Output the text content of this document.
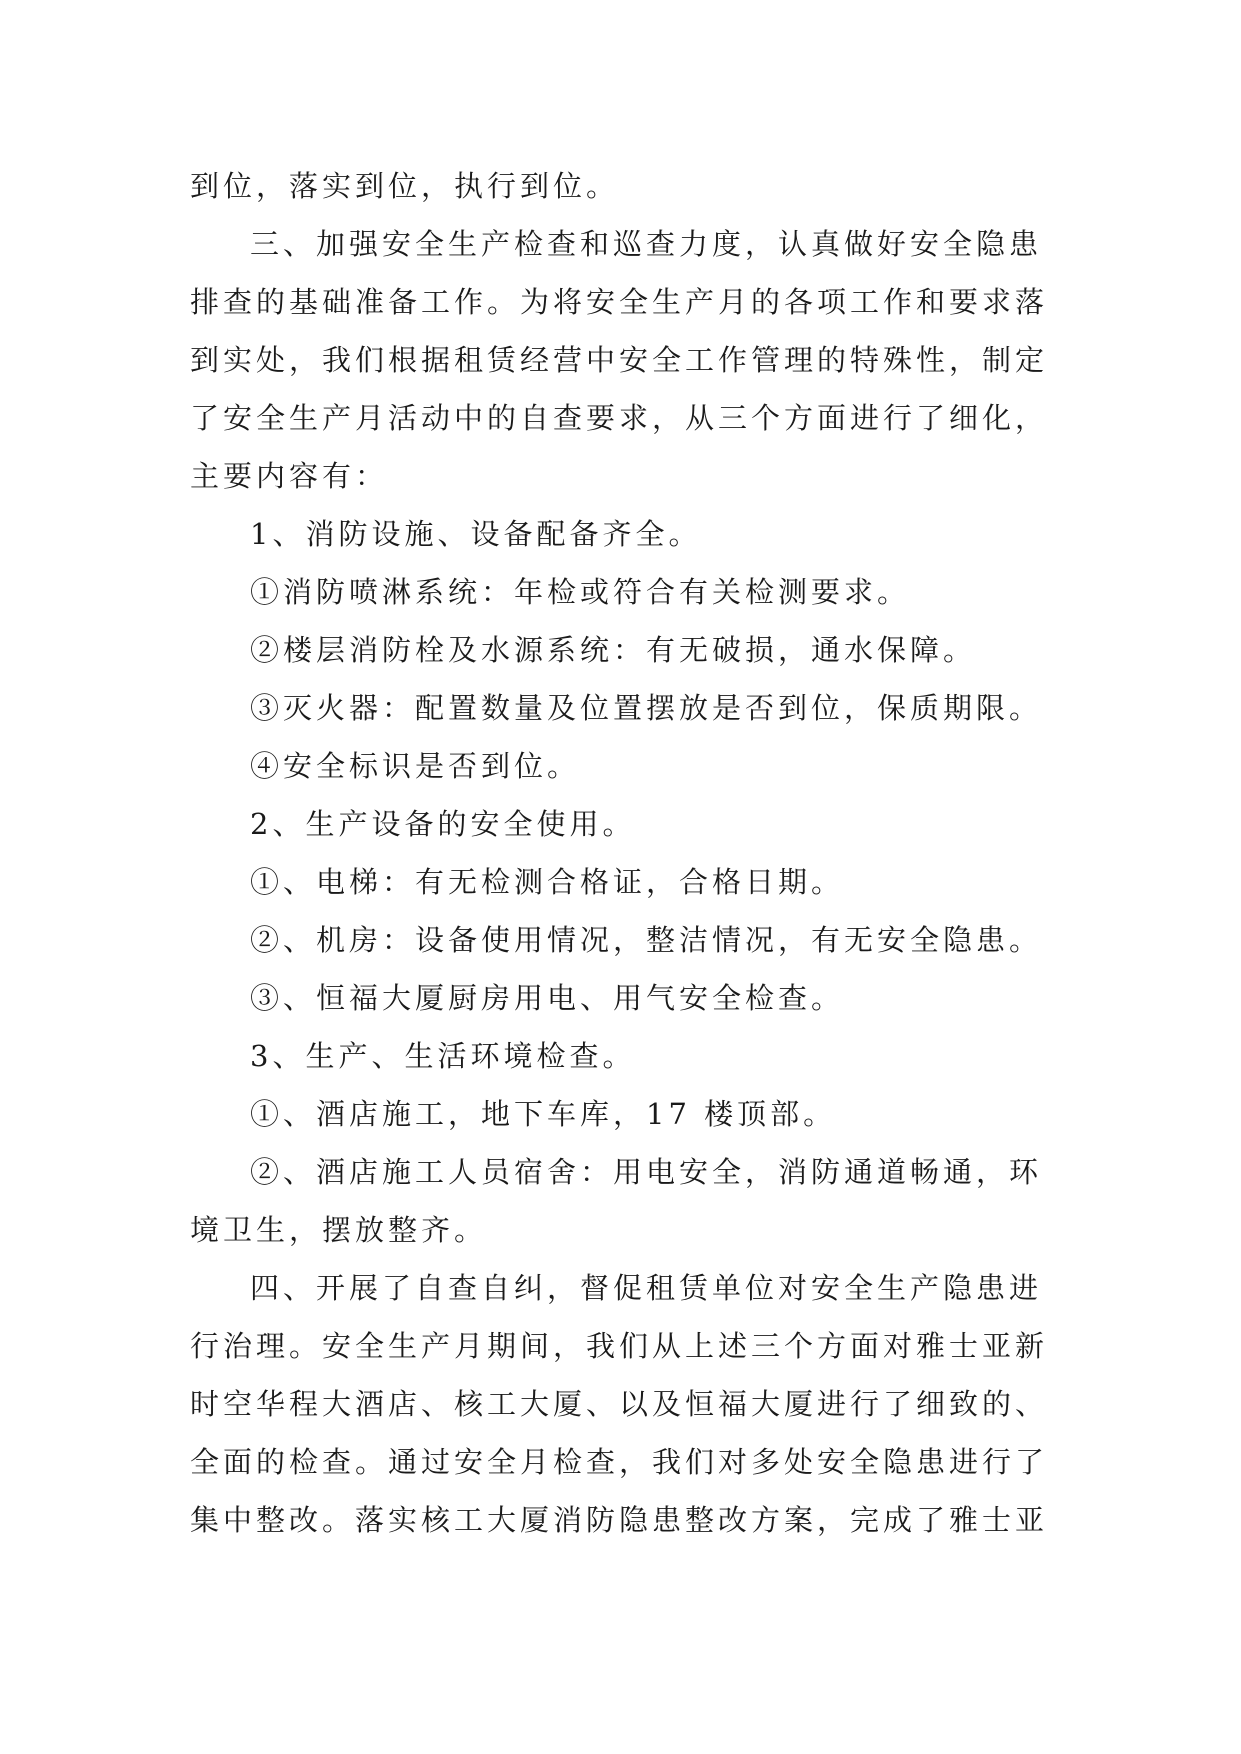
到位，落实到位，执行到位。

三、加强安全生产检查和巡查力度，认真做好安全隐患

排查的基础准备工作。为将安全生产月的各项工作和要求落

到实处，我们根据租赁经营中安全工作管理的特殊性，制定

了安全生产月活动中的自查要求，从三个方面进行了细化，

主要内容有：

1、消防设施、设备配备齐全。

①消防喷淋系统：年检或符合有关检测要求。

②楼层消防栓及水源系统：有无破损，通水保障。

③灭火器：配置数量及位置摆放是否到位，保质期限。

④安全标识是否到位。

2、生产设备的安全使用。

①、电梯：有无检测合格证，合格日期。

②、机房：设备使用情况，整洁情况，有无安全隐患。

③、恒福大厦厨房用电、用气安全检查。

3、生产、生活环境检查。

①、酒店施工，地下车库，17 楼顶部。

②、酒店施工人员宿舍：用电安全，消防通道畅通，环

境卫生，摆放整齐。

四、开展了自查自纠，督促租赁单位对安全生产隐患进

行治理。安全生产月期间，我们从上述三个方面对雅士亚新

时空华程大酒店、核工大厦、以及恒福大厦进行了细致的、

全面的检查。通过安全月检查，我们对多处安全隐患进行了

集中整改。落实核工大厦消防隐患整改方案，完成了雅士亚
